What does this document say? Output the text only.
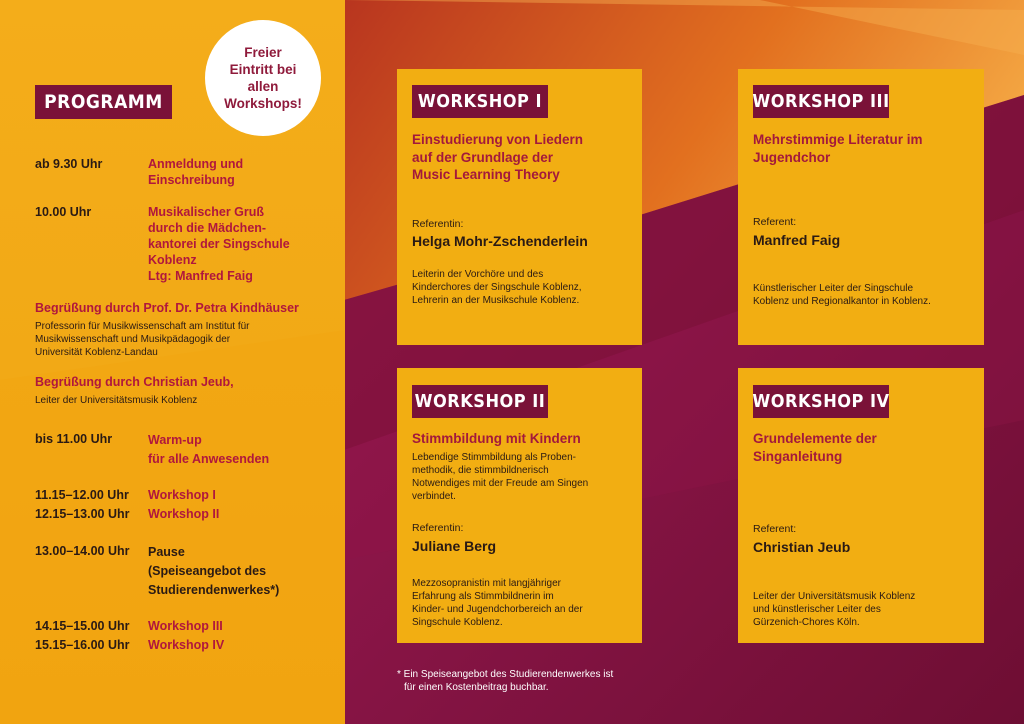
Freier
Eintritt bei
allen
Workshops!
PROGRAMM
ab 9.30 Uhr	Anmeldung und
Einschreibung
10.00 Uhr	Musikalischer Gruß
durch die Mädchen-
kantorei der Singschule
Koblenz
Ltg: Manfred Faig
Begrüßung durch Prof. Dr. Petra Kindhäuser
Professorin für Musikwissenschaft am Institut für
Musikwissenschaft und Musikpädagogik der
Universität Koblenz-Landau
Begrüßung durch Christian Jeub,
Leiter der Universitätsmusik Koblenz
bis 11.00 Uhr	Warm-up
für alle Anwesenden
11.15–12.00 Uhr Workshop I
12.15–13.00 Uhr Workshop II
13.00–14.00 Uhr Pause
(Speiseangebot des
Studierendenwerkes*)
14.15–15.00 Uhr Workshop III
15.15–16.00 Uhr Workshop IV
WORKSHOP I
Einstudierung von Liedern
auf der Grundlage der
Music Learning Theory
Referentin:
Helga Mohr-Zschenderlein
Leiterin der Vorchöre und des
Kinderchores der Singschule Koblenz,
Lehrerin an der Musikschule Koblenz.
WORKSHOP III
Mehrstimmige Literatur im
Jugendchor
Referent:
Manfred Faig
Künstlerischer Leiter der Singschule
Koblenz und Regionalkantor in Koblenz.
WORKSHOP II
Stimmbildung mit Kindern
Lebendige Stimmbildung als Proben-
methodik, die stimmbildnerisch
Notwendiges mit der Freude am Singen
verbindet.
Referentin:
Juliane Berg
Mezzosopranistin mit langjähriger
Erfahrung als Stimmbildnerin im
Kinder- und Jugendchorbereich an der
Singschule Koblenz.
WORKSHOP IV
Grundelemente der
Singanleitung
Referent:
Christian Jeub
Leiter der Universitätsmusik Koblenz
und künstlerischer Leiter des
Gürzenich-Chores Köln.
* Ein Speiseangebot des Studierendenwerkes ist
für einen Kostenbeitrag buchbar.
